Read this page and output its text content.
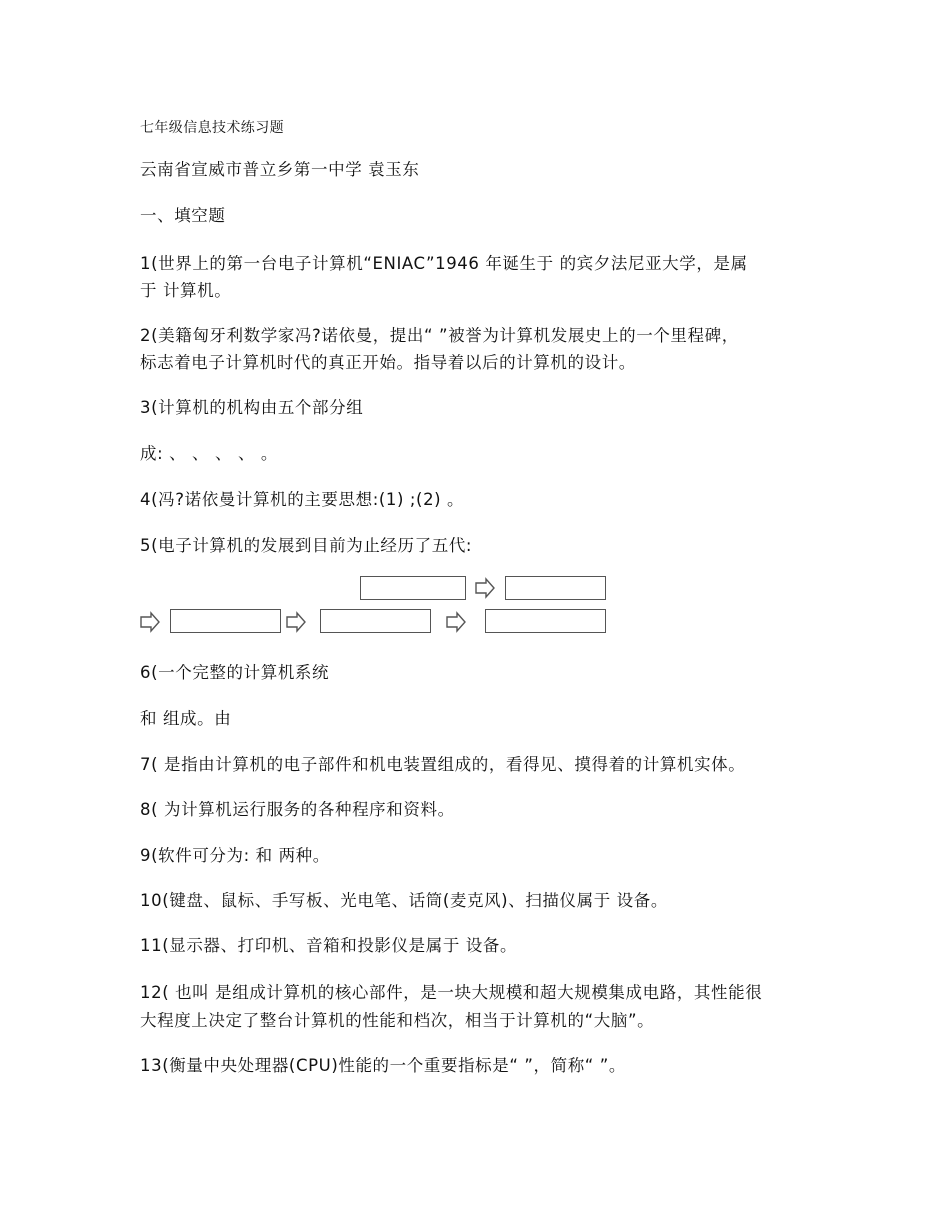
七年级信息技术练习题
云南省宣威市普立乡第一中学 袁玉东
一、填空题
1(世界上的第一台电子计算机“ENIAC”1946 年诞生于 的宾夕法尼亚大学，是属
于 计算机。
2(美籍匈牙利数学家冯?诺依曼，提出“ ”被誉为计算机发展史上的一个里程碑，
标志着电子计算机时代的真正开始。指导着以后的计算机的设计。
3(计算机的机构由五个部分组
成: 、 、 、 、 。
4(冯?诺依曼计算机的主要思想:(1) ;(2) 。
5(电子计算机的发展到目前为止经历了五代:
6(一个完整的计算机系统
和 组成。由
7( 是指由计算机的电子部件和机电装置组成的，看得见、摸得着的计算机实体。
8( 为计算机运行服务的各种程序和资料。
9(软件可分为: 和 两种。
10(键盘、鼠标、手写板、光电笔、话筒(麦克风)、扫描仪属于 设备。
11(显示器、打印机、音箱和投影仪是属于 设备。
12( 也叫 是组成计算机的核心部件，是一块大规模和超大规模集成电路，其性能很
大程度上决定了整台计算机的性能和档次，相当于计算机的“大脑”。
13(衡量中央处理器(CPU)性能的一个重要指标是“ ”，简称“ ”。
